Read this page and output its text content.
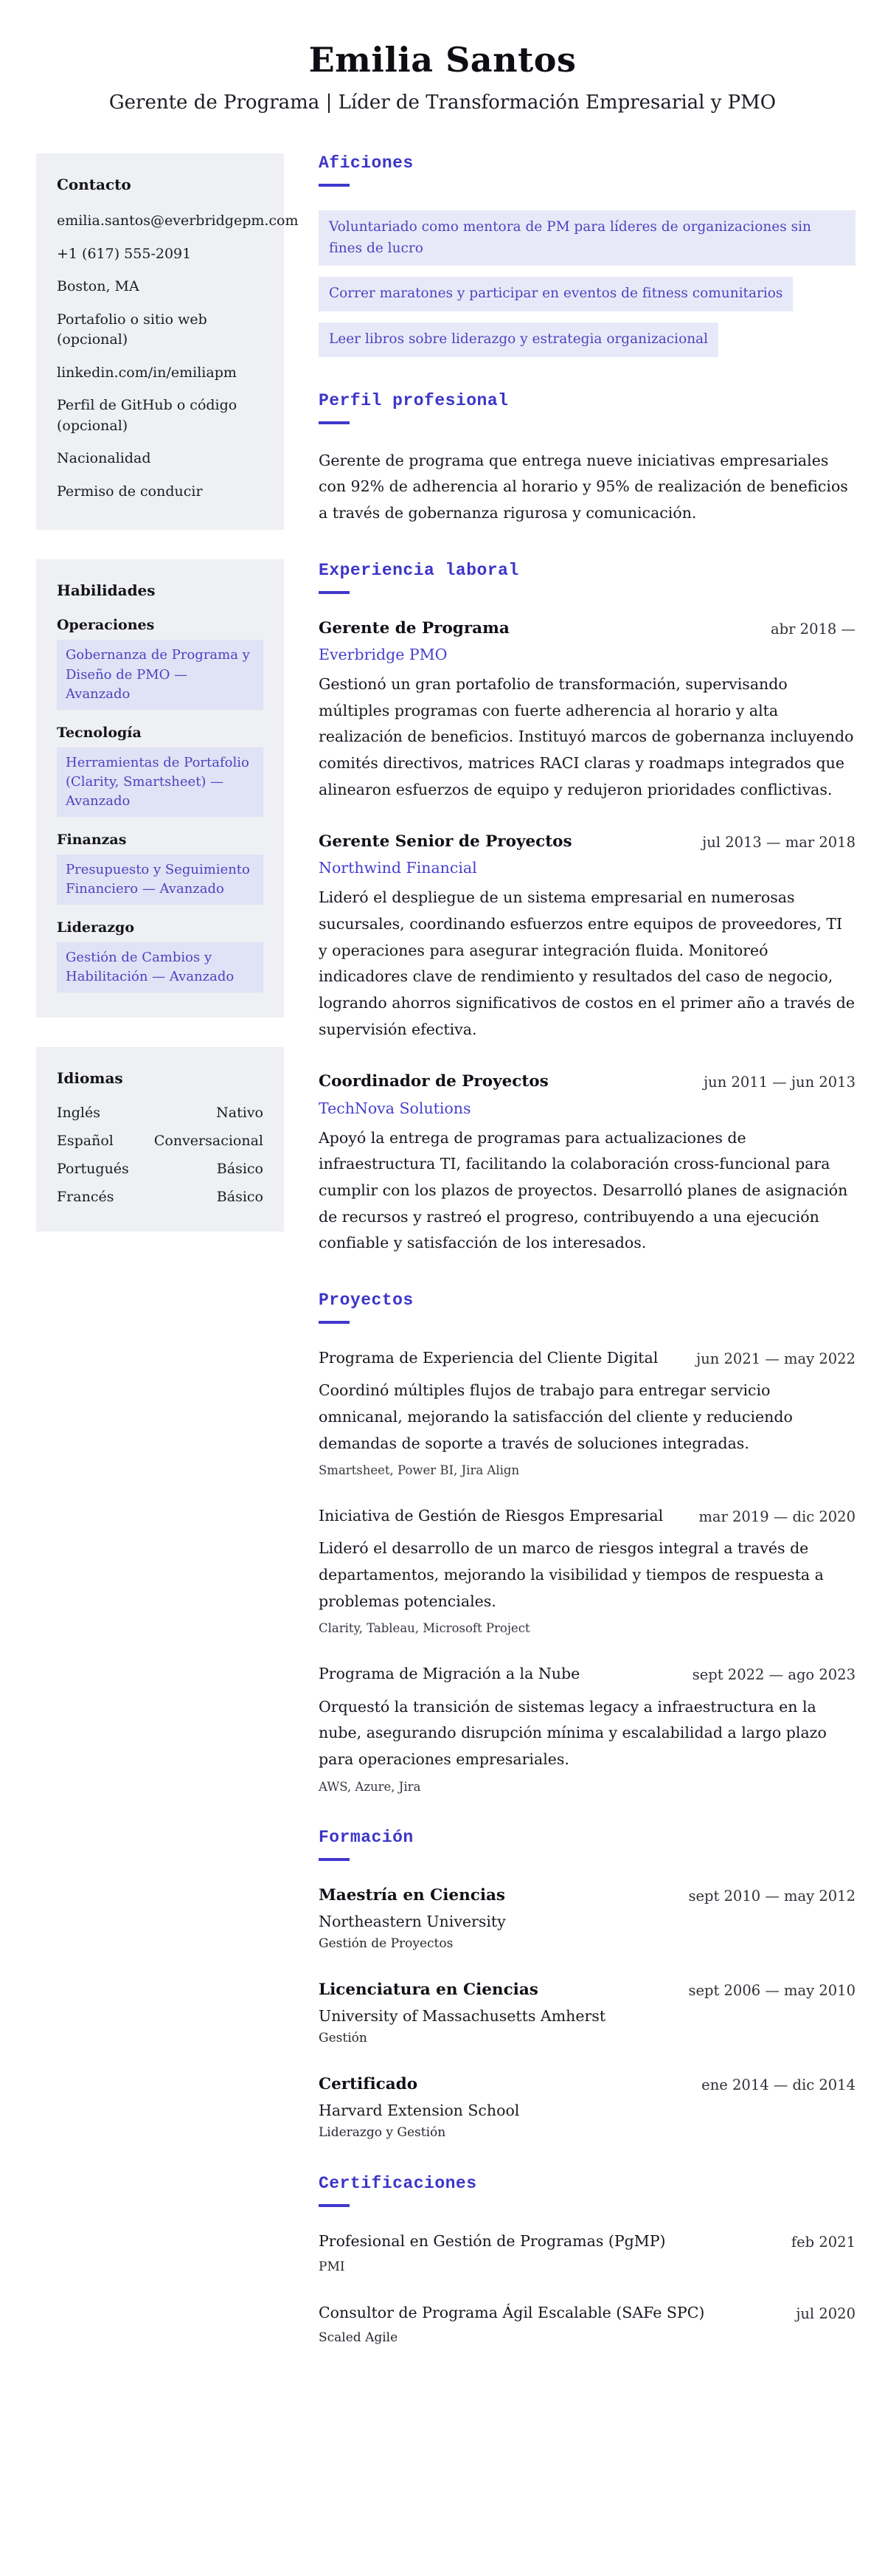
Emilia Santos
Gerente de Programa | Líder de Transformación Empresarial y PMO
Contacto
emilia.santos@everbridgepm.com
+1 (617) 555-2091
Boston, MA
Portafolio o sitio web (opcional)
linkedin.com/in/emiliapm
Perfil de GitHub o código (opcional)
Nacionalidad
Permiso de conducir
Habilidades
Operaciones
Gobernanza de Programa y Diseño de PMO — Avanzado
Tecnología
Herramientas de Portafolio (Clarity, Smartsheet) — Avanzado
Finanzas
Presupuesto y Seguimiento Financiero — Avanzado
Liderazgo
Gestión de Cambios y Habilitación — Avanzado
Idiomas
Inglés	Nativo
Español	Conversacional
Portugués	Básico
Francés	Básico
Aficiones
Voluntariado como mentora de PM para líderes de organizaciones sin fines de lucro
Correr maratones y participar en eventos de fitness comunitarios
Leer libros sobre liderazgo y estrategia organizacional
Perfil profesional

Gerente de programa que entrega nueve iniciativas empresariales con 92% de adherencia al horario y 95% de realización de beneficios a través de gobernanza rigurosa y comunicación.

Experiencia laboral
Gerente de Programa	abr 2018 —
Everbridge PMO

Gestionó un gran portafolio de transformación, supervisando múltiples programas con fuerte adherencia al horario y alta realización de beneficios. Instituyó marcos de gobernanza incluyendo comités directivos, matrices RACI claras y roadmaps integrados que alinearon esfuerzos de equipo y redujeron prioridades conflictivas.

Gerente Senior de Proyectos	jul 2013 — mar 2018
Northwind Financial

Lideró el despliegue de un sistema empresarial en numerosas sucursales, coordinando esfuerzos entre equipos de proveedores, TI y operaciones para asegurar integración fluida. Monitoreó indicadores clave de rendimiento y resultados del caso de negocio, logrando ahorros significativos de costos en el primer año a través de supervisión efectiva.

Coordinador de Proyectos	jun 2011 — jun 2013
TechNova Solutions

Apoyó la entrega de programas para actualizaciones de infraestructura TI, facilitando la colaboración cross-funcional para cumplir con los plazos de proyectos. Desarrolló planes de asignación de recursos y rastreó el progreso, contribuyendo a una ejecución confiable y satisfacción de los interesados.

Proyectos
Programa de Experiencia del Cliente Digital	jun 2021 — may 2022

Coordinó múltiples flujos de trabajo para entregar servicio omnicanal, mejorando la satisfacción del cliente y reduciendo demandas de soporte a través de soluciones integradas.

Smartsheet, Power BI, Jira Align
Iniciativa de Gestión de Riesgos Empresarial mar 2019 — dic 2020

Lideró el desarrollo de un marco de riesgos integral a través de departamentos, mejorando la visibilidad y tiempos de respuesta a problemas potenciales.

Clarity, Tableau, Microsoft Project
Programa de Migración a la Nube	sept 2022 — ago 2023

Orquestó la transición de sistemas legacy a infraestructura en la nube, asegurando disrupción mínima y escalabilidad a largo plazo para operaciones empresariales.

AWS, Azure, Jira
Formación
Maestría en Ciencias	sept 2010 — may 2012
Northeastern University
Gestión de Proyectos
Licenciatura en Ciencias	sept 2006 — may 2010
University of Massachusetts Amherst
Gestión
Certificado	ene 2014 — dic 2014
Harvard Extension School
Liderazgo y Gestión
Certificaciones
Profesional en Gestión de Programas (PgMP)	feb 2021
PMI
Consultor de Programa Ágil Escalable (SAFe SPC)	jul 2020
Scaled Agile
